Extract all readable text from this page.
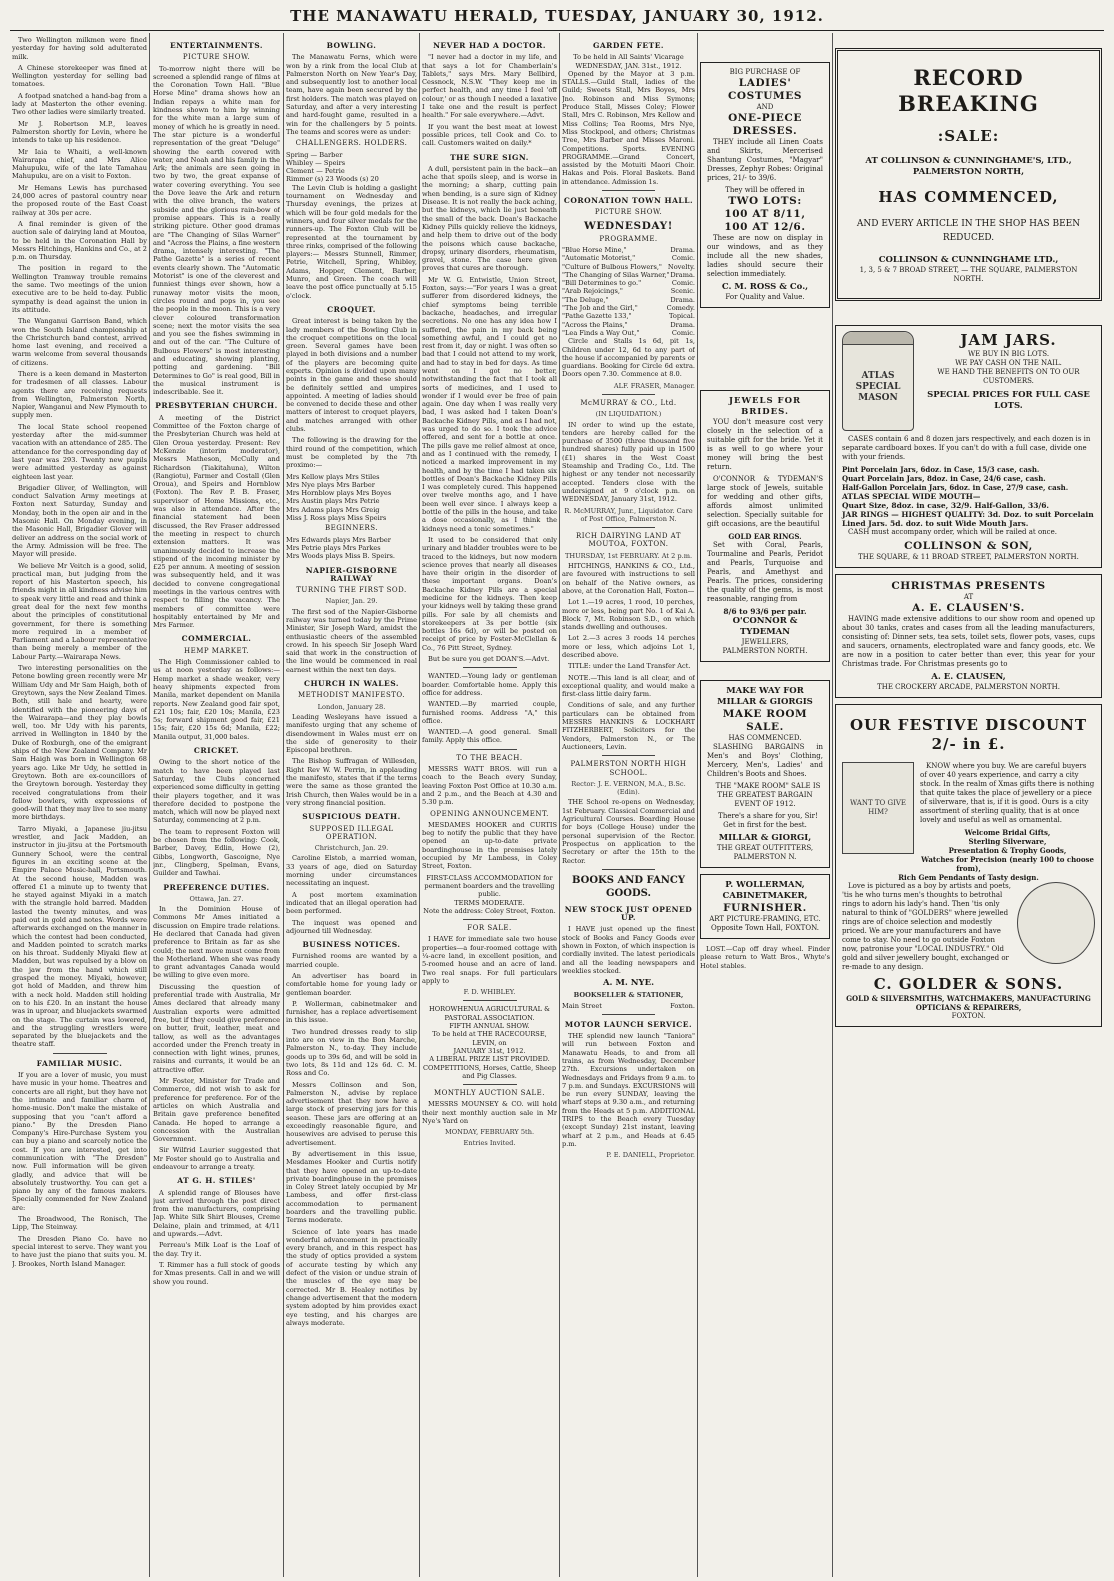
THE MANAWATU HERALD, TUESDAY, JANUARY 30, 1912.

Two Wellington milkmen were fined yesterday for having sold adulterated milk.

A Chinese storekeeper was fined at Wellington yesterday for selling bad tomatoes.

A footpad snatched a hand-bag from a lady at Masterton the other evening. Two other ladies were similarly treated.

Mr J. Robertson M.P., leaves Palmerston shortly for Levin, where he intends to take up his residence.

Mr Iaia te Whaiti, a well-known Wairarapa chief, and Mrs Alice Mahupuku, wife of the late Tamahau Mahupuku, are on a visit to Foxton.

Mr Hemans Lewis has purchased 24,000 acres of pastoral country near the proposed route of the East Coast railway at 30s per acre.

A final reminder is given of the auction sale of dairying land at Moutoa, to be held in the Coronation Hall by Messrs Hitchings, Hankins and Co., at 2 p.m. on Thursday.

The position in regard to the Wellington Tramway trouble remains the same. Two meetings of the union executive are to be held to-day. Public sympathy is dead against the union in its attitude.

The Wanganui Garrison Band, which won the South Island championship at the Christchurch band contest, arrived home last evening, and received a warm welcome from several thousands of citizens.

There is a keen demand in Masterton for tradesmen of all classes. Labour agents there are receiving requests from Wellington, Palmerston North, Napier, Wanganui and New Plymouth to supply men.

The local State school reopened yesterday after the mid-summer vacation with an attendance of 285. The attendance for the corresponding day of last year was 293. Twenty new pupils were admitted yesterday as against eighteen last year.

Brigadier Gliver, of Wellington, will conduct Salvation Army meetings at Foxton next Saturday, Sunday and Monday, both in the open air and in the Masonic Hall. On Monday evening, in the Masonic Hall, Brigadier Glover will deliver an address on the social work of the Army. Admission will be free. The Mayor will preside.

We believe Mr Veitch is a good, solid, practical man, but judging from the report of his Masterton speech, his friends might in all kindness advise him to speak very little and read and think a great deal for the next few months about the principles of constitutional government, for there is something more required in a member of Parliament and a Labour representative than being merely a member of the Labour Party.—Wairarapa News.

Two interesting personalities on the Petone bowling green recently were Mr William Udy and Mr Sam Haigh, both of Greytown, says the New Zealand Times. Both, still hale and hearty, were identified with the pioneering days of the Wairarapa—and they play bowls well, too. Mr Udy with his parents, arrived in Wellington in 1840 by the Duke of Roxburgh, one of the emigrant ships of the New Zealand Company. Mr Sam Haigh was born in Wellington 68 years ago. Like Mr Udy, he settled in Greytown. Both are ex-councillors of the Greytown borough. Yesterday they received congratulations from their fellow bowlers, with expressions of good-will that they may live to see many more birthdays.

Tarro Miyaki, a Japanese jiu-jitsu wrestler, and Jack Madden, an instructor in jiu-jitsu at the Portsmouth Gunnery School, were the central figures in an exciting scene at the Empire Palace Music-hall, Portsmouth. At the second house, Madden was offered £1 a minute up to twenty that he stayed against Miyaki in a match with the strangle hold barred. Madden lasted the twenty minutes, and was paid out in gold and notes. Words were afterwards exchanged on the manner in which the contest had been conducted, and Madden pointed to scratch marks on his throat. Suddenly Miyaki flew at Madden, but was repulsed by a blow on the jaw from the hand which still grasped the money. Miyaki, however, got hold of Madden, and threw him with a neck hold. Madden still holding on to his £20. In an instant the house was in uproar, and bluejackets swarmed on the stage. The curtain was lowered, and the struggling wrestlers were separated by the bluejackets and the theatre staff.

FAMILIAR MUSIC.

If you are a lover of music, you must have music in your home. Theatres and concerts are all right, but they have not the intimate and familiar charm of home-music. Don't make the mistake of supposing that you "can't afford a piano." By the Dresden Piano Company's Hire-Purchase System you can buy a piano and scarcely notice the cost. If you are interested, get into communication with "The Dresden" now. Full information will be given gladly, and advice that will be absolutely trustworthy. You can get a piano by any of the famous makers. Specially commended for New Zealand are:

The Broadwood, The Ronisch, The Lipp, The Steinway.

The Dresden Piano Co. have no special interest to serve. They want you to have just the piano that suits you. M. J. Brookes, North Island Manager.

ENTERTAINMENTS.
PICTURE SHOW.

To-morrow night there will be screened a splendid range of films at the Coronation Town Hall. "Blue Horse Mine" drama shows how an Indian repays a white man for kindness shown to him by winning for the white man a large sum of money of which he is greatly in need. The star picture is a wonderful representation of the great "Deluge" showing the earth covered with water, and Noah and his family in the Ark; the animals are seen going in two by two, the great expanse of water covering everything. You see the Dove leave the Ark and return with the olive branch, the waters subside and the glorious rain-bow of promise appears. This is a really striking picture. Other good dramas are "The Changing of Silas Warner" and "Across the Plains, a fine western drama, intensely interesting. "The Pathe Gazette" is a series of recent events clearly shown. The "Automatic Motorist" is one of the cleverest and funniest things ever shown, how a runaway motor visits the moon, circles round and pops in, you see the people in the moon. This is a very clever coloured transformation scene; next the motor visits the sea and you see the fishes swimming in and out of the car. "The Culture of Bulbous Flowers" is most interesting and educating, showing planting, potting and gardening. "Bill Determines to Go" is real good, Bill in the musical instrument is indescribable. See it.

PRESBYTERIAN CHURCH.

A meeting of the District Committee of the Foxton charge of the Presbyterian Church was held at Glen Oroua yesterday. Present: Rev McKenzie (interim moderator), Messrs Matheson, McCully and Richardson (Tiakitahuna), Wilton (Rangiotu), Farmer and Costall (Glen Oroua), and Speirs and Hornblow (Foxton). The Rev P. B. Fraser, supervisor of Home Missions, etc., was also in attendance. After the financial statement had been discussed, the Rev Fraser addressed the meeting in respect to church extension matters. It was unanimously decided to increase the stipend of the incoming minister by £25 per annum. A meeting of session was subsequently held, and it was decided to convene congregational meetings in the various centres with respect to filling the vacancy. The members of committee were hospitably entertained by Mr and Mrs Farmer.

COMMERCIAL.
HEMP MARKET.

The High Commissioner cabled to us at noon yesterday as follows:—Hemp market a shade weaker, very heavy shipments expected from Manila, market dependent on Manila reports. New Zealand good fair spot, £21 10s; fair, £20 10s; Manila, £23 5s; forward shipment good fair, £21 15s; fair, £20 15s 6d; Manila, £22; Manila output, 31,000 bales.

CRICKET.

Owing to the short notice of the match to have been played last Saturday, the Clubs concerned experienced some difficulty in getting their players together, and it was therefore decided to postpone the match, which will now be played next Saturday, commencing at 2 p.m.

The team to represent Foxton will be chosen from the following: Cook, Barber, Davey, Edlin, Howe (2), Gibbs, Longworth, Gascoigne, Nye jnr., Clingberg, Spelman, Evans, Guilder and Tawhai.

PREFERENCE DUTIES.
Ottawa, Jan. 27.

In the Dominion House of Commons Mr Ames initiated a discussion on Empire trade relations. He declared that Canada had given preference to Britain as far as she could; the next move must come from the Motherland. When she was ready to grant advantages Canada would be willing to give even more.

Discussing the question of preferential trade with Australia, Mr Ames declared that already many Australian exports were admitted free, but if they could give preference on butter, fruit, leather, meat and tallow, as well as the advantages accorded under the French treaty in connection with light wines, prunes, raisins and currants, it would be an attractive offer.

Mr Foster, Minister for Trade and Commerce, did not wish to ask for preference for preference. For of the articles on which Australia and Britain gave preference benefited Canada. He hoped to arrange a concession with the Australian Government.

Sir Wilfrid Laurier suggested that Mr Foster should go to Australia and endeavour to arrange a treaty.

AT G. H. STILES'

A splendid range of Blouses have just arrived through the post direct from the manufacturers, comprising Jap. White Silk Shirt Blouses, Creme Delaine, plain and trimmed, at 4/11 and upwards.—Advt.

Perreau's Milk Loaf is the Loaf of the day. Try it.

T. Rimmer has a full stock of goods for Xmas presents. Call in and we will show you round.

BOWLING.

The Manawatu Ferns, which were won by a rink from the local Club at Palmerston North on New Year's Day, and subsequently lost to another local team, have again been secured by the first holders. The match was played on Saturday, and after a very interesting and hard-fought game, resulted in a win for the challengers by 5 points. The teams and scores were as under:

CHALLENGERS. HOLDERS.
Spring — Barber
Whibley — Speirs
Clement — Petrie
Rimmer (s) 23 Woods (s) 20

The Levin Club is holding a gaslight tournament on Wednesday and Thursday evenings, the prizes at which will be four gold medals for the winners, and four silver medals for the runners-up. The Foxton Club will be represented at the tournament by three rinks, comprised of the following players:— Messrs Stunnell, Rimmer, Petrie, Witchell, Spring, Whibley, Adams, Hopper, Clement, Barber, Munro, and Green. The coach will leave the post office punctually at 5.15 o'clock.

CROQUET.

Great interest is being taken by the lady members of the Bowling Club in the croquet competitions on the local green. Several games have been played in both divisions and a number of the players are becoming quite experts. Opinion is divided upon many points in the game and these should be definitely settled and umpires appointed. A meeting of ladies should be convened to decide these and other matters of interest to croquet players, and matches arranged with other clubs.

The following is the drawing for the third round of the competition, which must be completed by the 7th proximo:—

Mrs Kellow plays Mrs Stiles
Mrs Nye plays Mrs Barber
Mrs Hornblow plays Mrs Boyes
Mrs Austin plays Mrs Petrie
Mrs Adams plays Mrs Greig
Miss J. Ross plays Miss Speirs
BEGINNERS.
Mrs Edwards plays Mrs Barber
Mrs Petrie plays Mrs Parkes
Mrs Woods plays Miss B. Speirs.
NAPIER-GISBORNE RAILWAY
TURNING THE FIRST SOD.
Napier, Jan. 29.

The first sod of the Napier-Gisborne railway was turned today by the Prime Minister, Sir Joseph Ward, amidst the enthusiastic cheers of the assembled crowd. In his speech Sir Joseph Ward said that work in the construction of the line would be commenced in real earnest within the next ten days.

CHURCH IN WALES.
METHODIST MANIFESTO.
London, January 28.

Leading Wesleyans have issued a manifesto urging that any scheme of disendowment in Wales must err on the side of generosity to their Episcopal brethren.

The Bishop Suffragan of Willesden, Right Rev W. W. Perrin, in applauding the manifesto, states that if the terms were the same as those granted the Irish Church, then Wales would be in a very strong financial position.

SUSPICIOUS DEATH.
SUPPOSED ILLEGAL OPERATION.
Christchurch, Jan. 29.

Caroline Elstob, a married woman, 33 years of age, died on Saturday morning under circumstances necessitating an inquest.

A post mortem examination indicated that an illegal operation had been performed.

The inquest was opened and adjourned till Wednesday.

BUSINESS NOTICES.

Furnished rooms are wanted by a married couple.

An advertiser has board in comfortable home for young lady or gentleman boarder.

P. Wollerman, cabinetmaker and furnisher, has a replace advertisement in this issue.

Two hundred dresses ready to slip into are on view in the Bon Marche, Palmerston N., to-day. They include goods up to 39s 6d, and will be sold in two lots, 8s 11d and 12s 6d. C. M. Ross and Co.

Messrs Collinson and Son, Palmerston N., advise by replace advertisement that they now have a large stock of preserving jars for this season. These jars are offering at an exceedingly reasonable figure, and housewives are advised to peruse this advertisement.

By advertisement in this issue, Mesdames Hooker and Curtis notify that they have opened an up-to-date private boardinghouse in the premises in Coley Street lately occupied by Mr Lambess, and offer first-class accommodation to permanent boarders and the travelling public. Terms moderate.

Science of late years has made wonderful advancement in practically every branch, and in this respect has the study of optics provided a system of accurate testing by which any defect of the vision or undue strain of the muscles of the eye may be corrected. Mr B. Healey notifies by change advertisement that the modern system adopted by him provides exact eye testing, and his charges are always moderate.

NEVER HAD A DOCTOR.

"I never had a doctor in my life, and that says a lot for Chamberlain's Tablets," says Mrs. Mary Bellbird, Cessnock, N.S.W. "They keep me in perfect health, and any time I feel 'off colour,' or as though I needed a laxative I take one and the result is perfect health." For sale everywhere.—Advt.

If you want the best meat at lowest possible prices, tell Cook and Co. to call. Customers waited on daily.*

THE SURE SIGN.

A dull, persistent pain in the back—an ache that spoils sleep, and is worse in the morning; a sharp, cutting pain when bending, is a sure sign of Kidney Disease. It is not really the back aching, but the kidneys, which lie just beneath the small of the back. Doan's Backache Kidney Pills quickly relieve the kidneys, and help them to drive out of the body the poisons which cause backache, dropsy, urinary disorders, rheumatism, gravel, stone. The case here given proves that cures are thorough.

Mr W. G. Entwistle, Union Street, Foxton, says:—"For years I was a great sufferer from disordered kidneys, the chief symptoms being terrible backache, headaches, and irregular secretions. No one has any idea how I suffered, the pain in my back being something awful, and I could get no rest from it, day or night. I was often so bad that I could not attend to my work, and had to stay in bed for days. As time went on I got no better, notwithstanding the fact that I took all sorts of medicines, and I used to wonder if I would ever be free of pain again. One day when I was really very bad, I was asked had I taken Doan's Backache Kidney Pills, and as I had not, was urged to do so. I took the advice offered, and sent for a bottle at once. The pills gave me relief almost at once, and as I continued with the remedy, I noticed a marked improvement in my health, and by the time I had taken six bottles of Doan's Backache Kidney Pills I was completely cured. This happened over twelve months ago, and I have been well ever since. I always keep a bottle of the pills in the house, and take a dose occasionally, as I think the kidneys need a tonic sometimes."

It used to be considered that only urinary and bladder troubles were to be traced to the kidneys, but now modern science proves that nearly all diseases have their origin in the disorder of these important organs. Doan's Backache Kidney Pills are a special medicine for the kidneys. Then keep your kidneys well by taking these grand pills. For sale by all chemists and storekeepers at 3s per bottle (six bottles 16s 6d), or will be posted on receipt of price by Foster-McClellan & Co., 76 Pitt Street, Sydney.

But be sure you get DOAN'S.—Advt.

WANTED.—Young lady or gentleman boarder. Comfortable home. Apply this office for address.

WANTED.—By married couple, furnished rooms. Address "A," this office.

WANTED.—A good general. Small family. Apply this office.

TO THE BEACH.

MESSRS WATT BROS. will run a coach to the Beach every Sunday, leaving Foxton Post Office at 10.30 a.m. and 2 p.m., and the Beach at 4.30 and 5.30 p.m.

OPENING ANNOUNCEMENT.

MESDAMES HOOKER and CURTIS beg to notify the public that they have opened an up-to-date private boardinghouse in the premises lately occupied by Mr Lambess, in Coley Street, Foxton.

FIRST-CLASS ACCOMMODATION for permanent boarders and the travelling public.
TERMS MODERATE.
Note the address: Coley Street, Foxton.
FOR SALE.

I HAVE for immediate sale two house properties—a four-roomed cottage with ¼-acre land, in excellent position, and 5-roomed house and an acre of land. Two real snaps. For full particulars apply to

F. D. WHIBLEY.
HOROWHENUA AGRICULTURAL & PASTORAL ASSOCIATION.
FIFTH ANNUAL SHOW.
To be held at THE RACECOURSE, LEVIN, on
JANUARY 31st, 1912.
A LIBERAL PRIZE LIST PROVIDED.
COMPETITIONS, Horses, Cattle, Sheep and Pig Classes.
MONTHLY AUCTION SALE.

MESSRS MOUNSEY & CO. will hold their next monthly auction sale in Mr Nye's Yard on

MONDAY, FEBRUARY 5th.
Entries Invited.
GARDEN FETE.
To be held in All Saints' Vicarage
WEDNESDAY, JAN. 31st., 1912.

Opened by the Mayor at 3 p.m. STALLS.—Guild Stall, ladies of the Guild; Sweets Stall, Mrs Boyes, Mrs Jno. Robinson and Miss Symons; Produce Stall, Misses Coley; Flower Stall, Mrs C. Robinson, Mrs Kellow and Miss Collins; Tea Rooms, Mrs Nye, Miss Stockpool, and others; Christmas Tree, Mrs Barber and Misses Maroni. Competitions. Sports. EVENING PROGRAMME.—Grand Concert, assisted by the Motuiti Maori Choir. Hakas and Pois. Floral Baskets. Band in attendance. Admission 1s.

CORONATION TOWN HALL.
PICTURE SHOW.
WEDNESDAY!
PROGRAMME.
"Blue Horse Mine,"	Drama.
"Automatic Motorist,"	Comic.
"Culture of Bulbous Flowers," Novelty.
"The Changing of Silas Warner," Drama.
"Bill Determines to go."	Comic.
"Arab Rejoicings,"	Scenic.
"The Deluge,"	Drama.
"The Job and the Girl,"	Comedy.
"Pathe Gazette 133,"	Topical.
"Across the Plains,"	Drama.
"Lea Finds a Way Out,"	Comic.

Circle and Stalls 1s 6d, pit 1s, Children under 12, 6d to any part of the house if accompanied by parents or guardians. Booking for Circle 6d extra. Doors open 7.30. Commence at 8.0.

ALF. FRASER, Manager.
McMURRAY & CO., Ltd.
(IN LIQUIDATION.)

IN order to wind up the estate, tenders are hereby called for the purchase of 3500 (three thousand five hundred shares) fully paid up in 1500 (£1) shares in the West Coast Steamship and Trading Co., Ltd. The highest or any tender not necessarily accepted. Tenders close with the undersigned at 9 o'clock p.m. on WEDNESDAY, January 31st, 1912.

R. McMURRAY, Junr., Liquidator. Care of Post Office, Palmerston N.
RICH DAIRYING LAND AT MOUTOA, FOXTON.
THURSDAY, 1st FEBRUARY. At 2 p.m.

HITCHINGS, HANKINS & CO., Ltd., are favoured with instructions to sell on behalf of the Native owners, as above, at the Coronation Hall, Foxton—

Lot 1.—19 acres, 1 rood, 10 perches, more or less, being part No. 1 of Kai A. Block 7, Mt. Robinson S.D., on which stands dwelling and outhouses.

Lot 2.—3 acres 3 roods 14 perches more or less, which adjoins Lot 1, described above.

TITLE: under the Land Transfer Act.

NOTE.—This land is all clear, and of exceptional quality, and would make a first-class little dairy farm.

Conditions of sale, and any further particulars can be obtained from MESSRS HANKINS & LOCKHART FITZHERBERT, Solicitors for the Vendors, Palmerston N., or The Auctioneers, Levin.

PALMERSTON NORTH HIGH SCHOOL.
Rector: J. E. VERNON, M.A., B.Sc. (Edin).

THE School re-opens on Wednesday, 1st February. Classical Commercial and Agricultural Courses. Boarding House for boys (College House) under the personal supervision of the Rector. Prospectus on application to the Secretary or after the 15th to the Rector.

BOOKS AND FANCY GOODS.
NEW STOCK JUST OPENED UP.

I HAVE just opened up the finest stock of Books and Fancy Goods ever shown in Foxton, of which inspection is cordially invited. The latest periodicals and all the leading newspapers and weeklies stocked.

A. M. NYE.
BOOKSELLER & STATIONER,
Main Street	Foxton.
MOTOR LAUNCH SERVICE.

THE splendid new launch "Taniora" will run between Foxton and Manawatu Heads, to and from all trains, as from Wednesday, December 27th. Excursions undertaken on Wednesdays and Fridays from 9 a.m. to 7 p.m. and Sundays. EXCURSIONS will be run every SUNDAY, leaving the wharf steps at 9.30 a.m., and returning from the Heads at 5 p.m. ADDITIONAL TRIPS to the Beach every Tuesday (except Sunday) 21st instant, leaving wharf at 2 p.m., and Heads at 6.45 p.m.

P. E. DANIELL, Proprietor.
BIG PURCHASE OF
LADIES' COSTUMES
AND
ONE-PIECE DRESSES.

THEY include all Linen Coats and Skirts, Mercerised Shantung Costumes, "Magyar" Dresses, Zephyr Robes: Original prices, 21/- to 39/6.

They will be offered in
TWO LOTS:
100 AT 8/11,
100 AT 12/6.

These are now on display in our windows, and as they include all the new shades, ladies should secure their selection immediately.

C. M. ROSS & Co.,
For Quality and Value.
JEWELS FOR BRIDES.

YOU don't measure cost very closely in the selection of a suitable gift for the bride. Yet it is as well to go where your money will bring the best return.

O'CONNOR & TYDEMAN'S large stock of Jewels, suitable for wedding and other gifts, affords almost unlimited selection. Specially suitable for gift occasions, are the beautiful

GOLD EAR RINGS.

Set with Coral, Pearls, Tourmaline and Pearls, Peridot and Pearls, Turquoise and Pearls, and Amethyst and Pearls. The prices, considering the quality of the gems, is most reasonable, ranging from

8/6 to 93/6 per pair.
O'CONNOR & TYDEMAN
JEWELLERS,
PALMERSTON NORTH.
MAKE WAY FOR MILLAR & GIORGIS
MAKE ROOM SALE.
HAS COMMENCED.

SLASHING BARGAINS in Men's and Boys' Clothing, Mercery, Men's, Ladies' and Children's Boots and Shoes.

THE "MAKE ROOM" SALE IS THE GREATEST BARGAIN EVENT OF 1912.

There's a share for you, Sir! Get in first for the best.

MILLAR & GIORGI,
THE GREAT OUTFITTERS,
PALMERSTON N.
P. WOLLERMAN,
CABINETMAKER,
FURNISHER.
ART PICTURE-FRAMING, ETC.
Opposite Town Hall, FOXTON.

LOST.—Cap off dray wheel. Finder please return to Watt Bros., Whyte's Hotel stables.

RECORD BREAKING
:SALE:
AT COLLINSON & CUNNINGHAME'S, LTD., PALMERSTON NORTH,
HAS COMMENCED,
AND EVERY ARTICLE IN THE SHOP HAS BEEN REDUCED.
COLLINSON & CUNNINGHAME LTD.,
1, 3, 5 & 7 BROAD STREET, — THE SQUARE, PALMERSTON NORTH.
ATLAS SPECIAL MASON
JAM JARS.
WE BUY IN BIG LOTS.
WE PAY CASH ON THE NAIL.
WE HAND THE BENEFITS ON TO OUR CUSTOMERS.
SPECIAL PRICES FOR FULL CASE LOTS.

CASES contain 6 and 8 dozen jars respectively, and each dozen is in separate cardboard boxes. If you can't do with a full case, divide one with your friends.

Pint Porcelain Jars, 6doz. in Case, 15/3 case, cash.
Quart Porcelain Jars, 8doz. in Case, 24/6 case, cash.
Half-Gallon Porcelain Jars, 6doz. in Case, 27/9 case, cash.
ATLAS SPECIAL WIDE MOUTH—
Quart Size, 8doz. in case, 32/9. Half-Gallon, 33/6.
JAR RINGS — HIGHEST QUALITY: 3d. Doz. to suit Porcelain Lined Jars. 5d. doz. to suit Wide Mouth Jars.

CASH must accompany order, which will be railed at once.

COLLINSON & SON,
THE SQUARE, & 11 BROAD STREET, PALMERSTON NORTH.
CHRISTMAS PRESENTS
AT
A. E. CLAUSEN'S.

HAVING made extensive additions to our show room and opened up about 30 tanks, crates and cases from all the leading manufacturers, consisting of: Dinner sets, tea sets, toilet sets, flower pots, vases, cups and saucers, ornaments, electroplated ware and fancy goods, etc. We are now in a position to cater better than ever, this year for your Christmas trade. For Christmas presents go to

A. E. CLAUSEN,
THE CROCKERY ARCADE, PALMERSTON NORTH.
OUR FESTIVE DISCOUNT 2/- in £.
WANT TO GIVE HIM?

KNOW where you buy. We are careful buyers of over 40 years experience, and carry a city stock. In the realm of Xmas gifts there is nothing that quite takes the place of jewellery or a piece of silverware, that is, if it is good. Ours is a city assortment of sterling quality, that is at once lovely and useful as well as ornamental.

Welcome Bridal Gifts,
Sterling Silverware,
Presentation & Trophy Goods,
Watches for Precision (nearly 100 to choose from),
Rich Gem Pendants of Tasty design.

Love is pictured as a boy by artists and poets, 'tis he who turns men's thoughts to betrothal rings to adorn his lady's hand. Then 'tis only natural to think of "GOLDERS" where jewelled rings are of choice selection and modestly priced. We are your manufacturers and have come to stay. No need to go outside Foxton now, patronise your "LOCAL INDUSTRY." Old gold and silver jewellery bought, exchanged or re-made to any design.

C. GOLDER & SONS.
GOLD & SILVERSMITHS, WATCHMAKERS, MANUFACTURING OPTICIANS & REPAIRERS,
FOXTON.
